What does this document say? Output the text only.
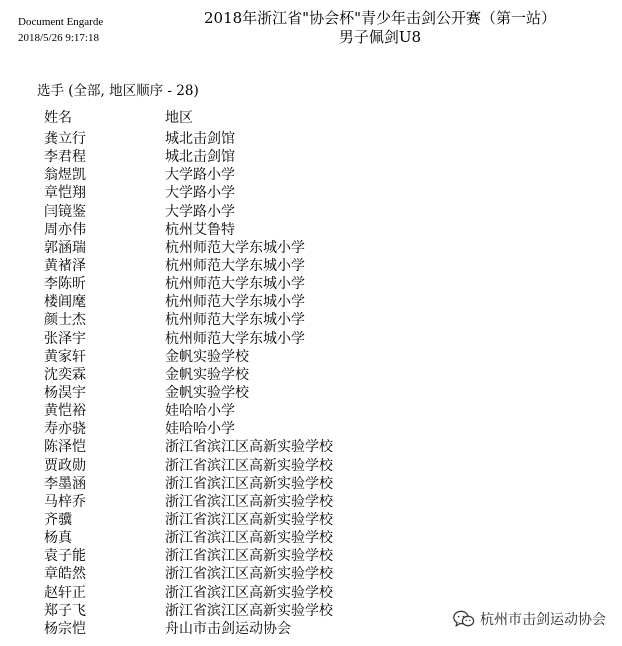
Document Engarde
2018/5/26 9:17:18
2018年浙江省"协会杯"青少年击剑公开赛（第一站）
男子佩剑U8
选手 (全部, 地区顺序 - 28)
姓名	地区
龚立行	城北击剑馆
李君程	城北击剑馆
翁煜凯	大学路小学
章恺翔	大学路小学
闫镜鉴	大学路小学
周亦伟	杭州艾鲁特
郭涵瑞	杭州师范大学东城小学
黄禇泽	杭州师范大学东城小学
李陈昕	杭州师范大学东城小学
楼阊麾	杭州师范大学东城小学
颜士杰	杭州师范大学东城小学
张泽宇	杭州师范大学东城小学
黄家轩	金帆实验学校
沈奕霖	金帆实验学校
杨淏宇	金帆实验学校
黄恺裕	娃哈哈小学
寿亦骁	娃哈哈小学
陈泽恺	浙江省滨江区高新实验学校
贾政勋	浙江省滨江区高新实验学校
李墨涵	浙江省滨江区高新实验学校
马梓乔	浙江省滨江区高新实验学校
齐骥	浙江省滨江区高新实验学校
杨真	浙江省滨江区高新实验学校
袁子能	浙江省滨江区高新实验学校
章皓然	浙江省滨江区高新实验学校
赵轩正	浙江省滨江区高新实验学校
郑子飞	浙江省滨江区高新实验学校
杨宗恺	舟山市击剑运动协会
杭州市击剑运动协会
